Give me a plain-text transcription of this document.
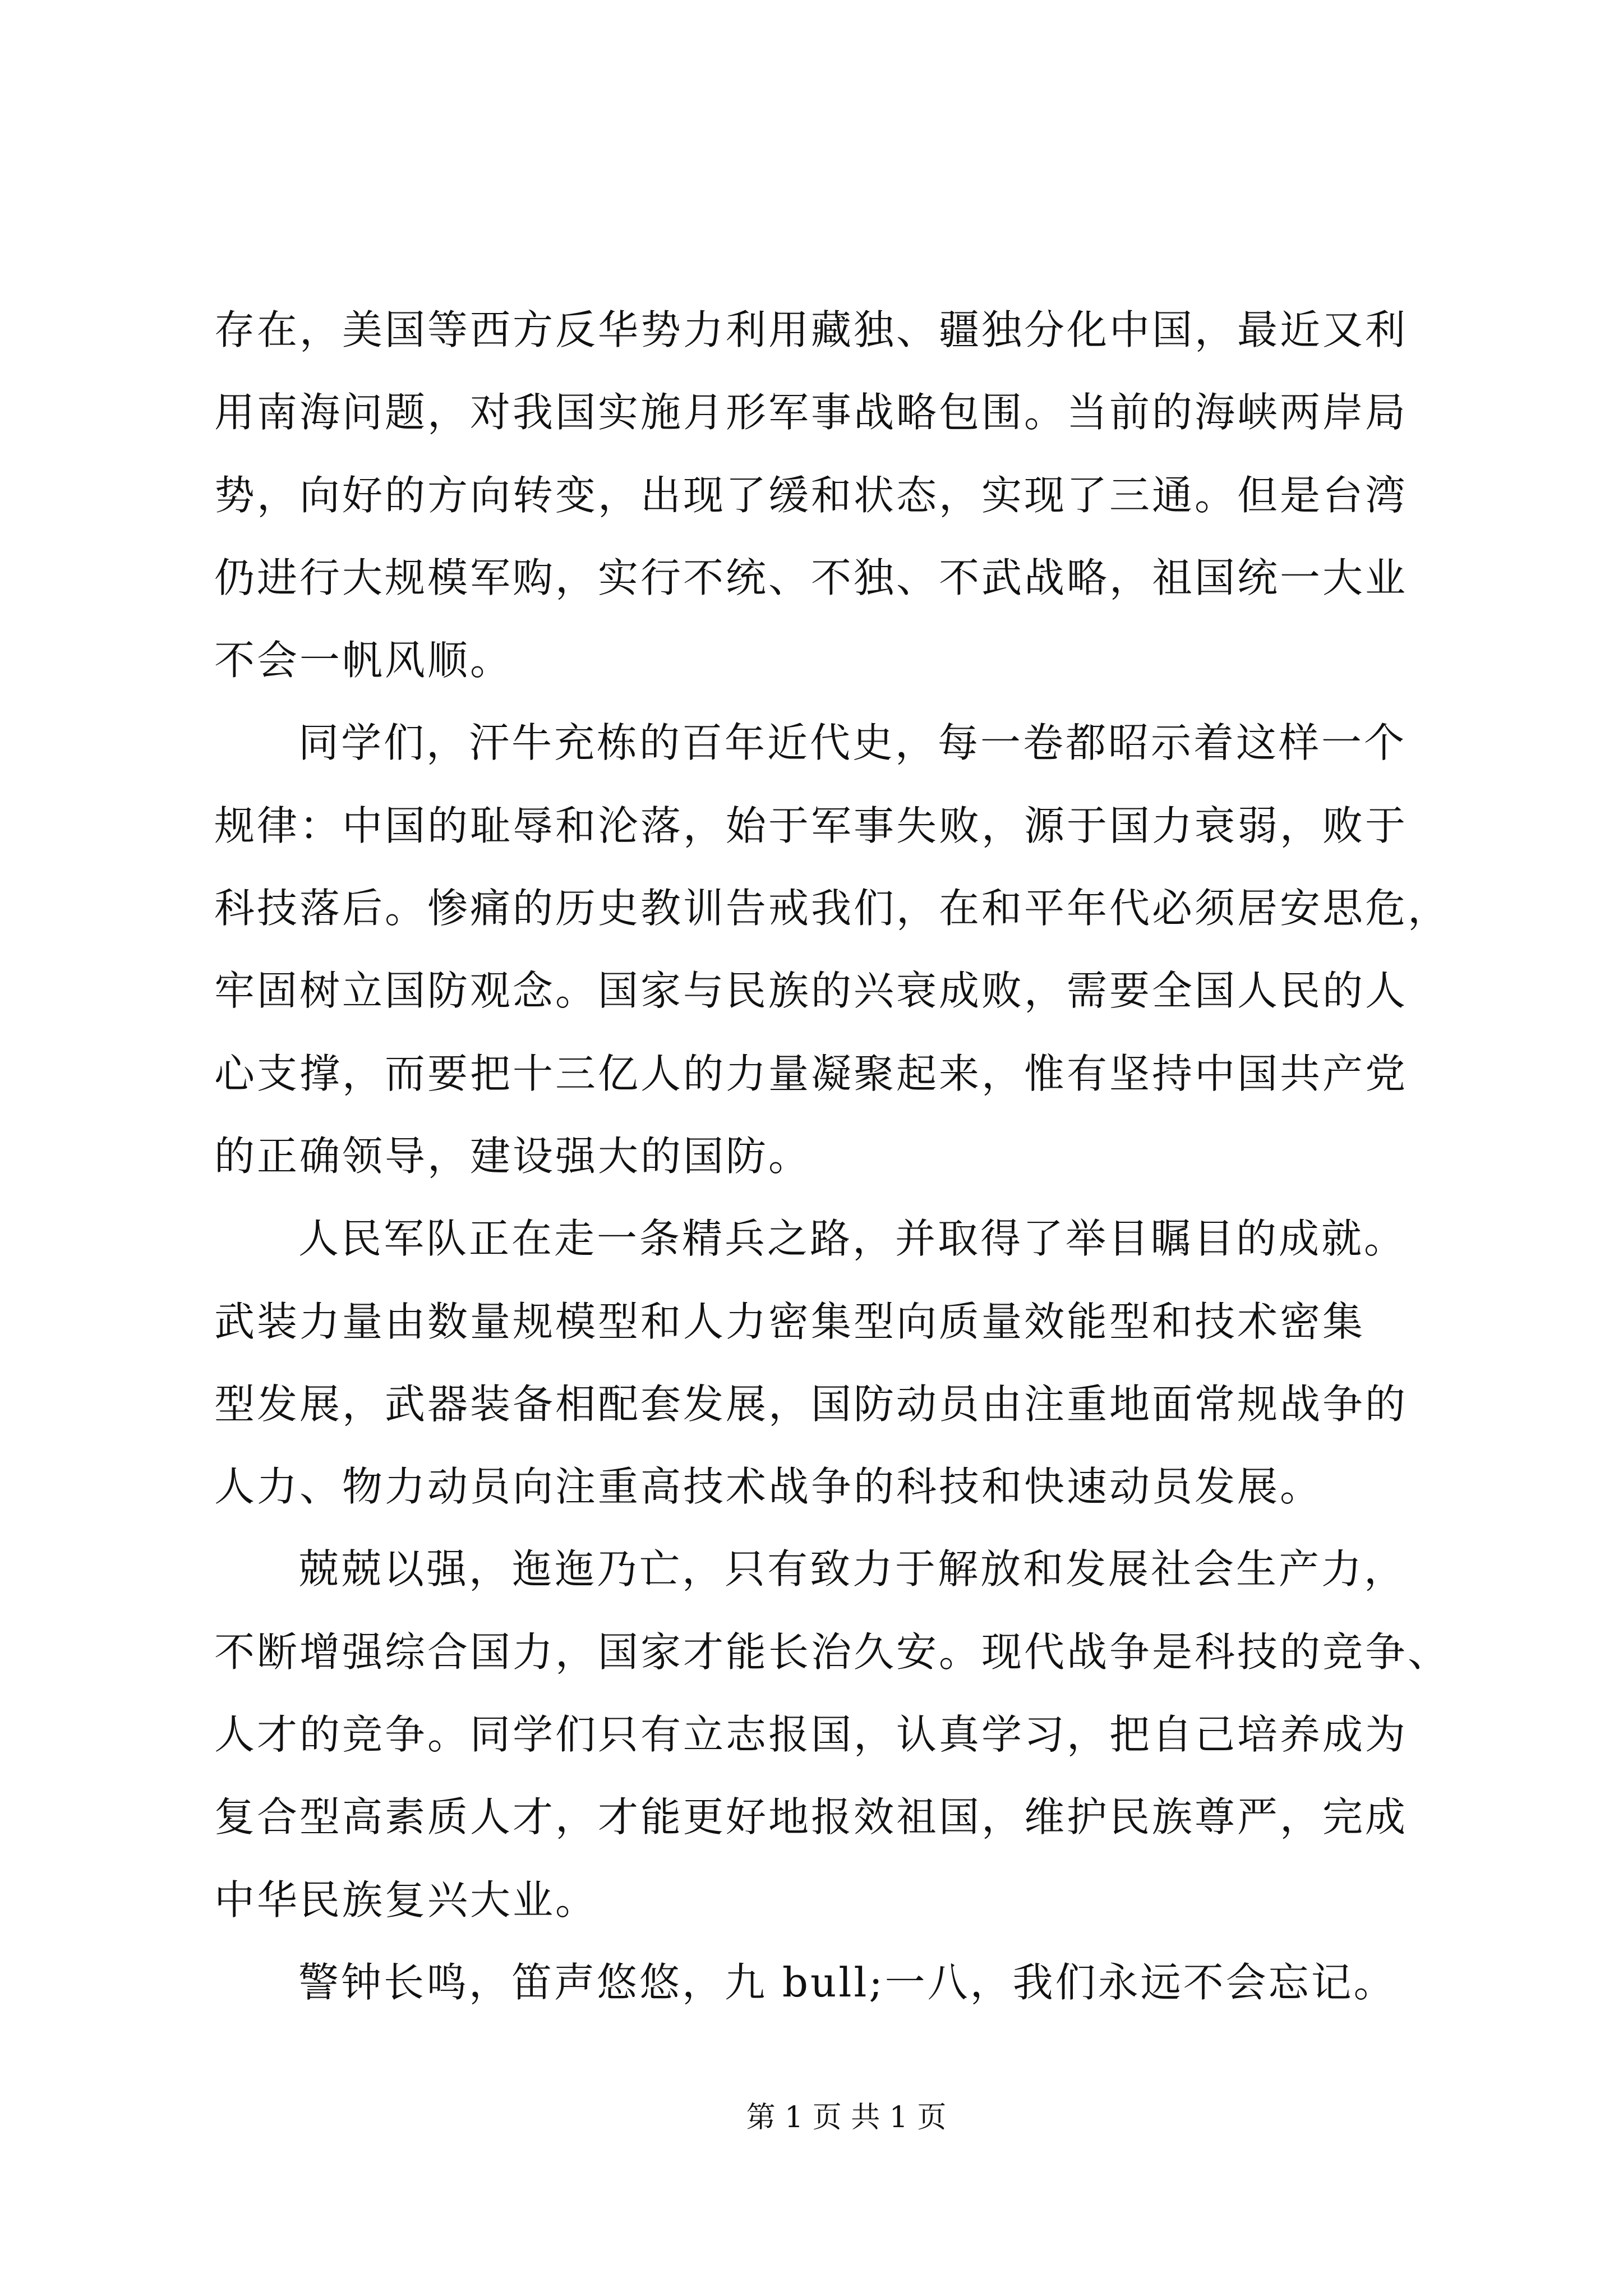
存在，美国等西方反华势力利用藏独、疆独分化中国，最近又利
用南海问题，对我国实施月形军事战略包围。当前的海峡两岸局
势，向好的方向转变，出现了缓和状态，实现了三通。但是台湾
仍进行大规模军购，实行不统、不独、不武战略，祖国统一大业
不会一帆风顺。
同学们，汗牛充栋的百年近代史，每一卷都昭示着这样一个
规律：中国的耻辱和沦落，始于军事失败，源于国力衰弱，败于
科技落后。惨痛的历史教训告戒我们，在和平年代必须居安思危，
牢固树立国防观念。国家与民族的兴衰成败，需要全国人民的人
心支撑，而要把十三亿人的力量凝聚起来，惟有坚持中国共产党
的正确领导，建设强大的国防。
人民军队正在走一条精兵之路，并取得了举目瞩目的成就。
武装力量由数量规模型和人力密集型向质量效能型和技术密集
型发展，武器装备相配套发展，国防动员由注重地面常规战争的
人力、物力动员向注重高技术战争的科技和快速动员发展。
兢兢以强，迤迤乃亡，只有致力于解放和发展社会生产力，
不断增强综合国力，国家才能长治久安。现代战争是科技的竞争、
人才的竞争。同学们只有立志报国，认真学习，把自己培养成为
复合型高素质人才，才能更好地报效祖国，维护民族尊严，完成
中华民族复兴大业。
警钟长鸣，笛声悠悠，九 bull;一八，我们永远不会忘记。
第 1 页 共 1 页
